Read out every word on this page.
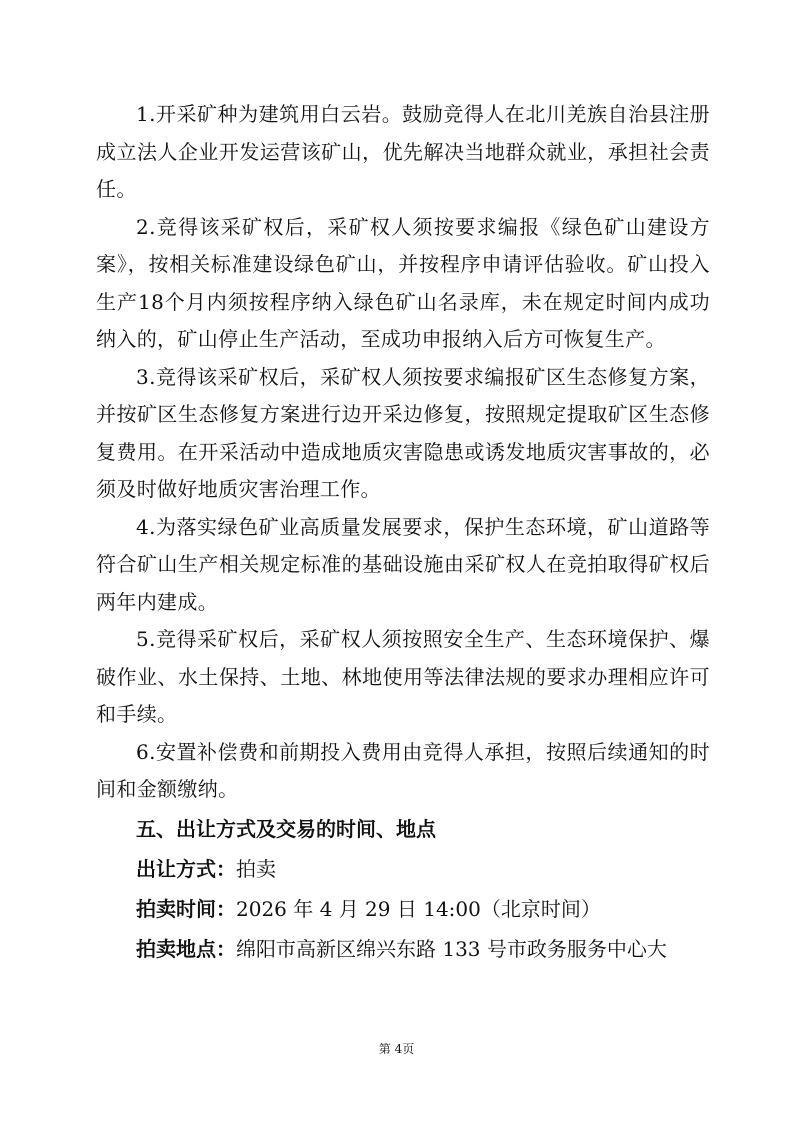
1.开采矿种为建筑用白云岩。鼓励竞得人在北川羌族自治县注册成立法人企业开发运营该矿山，优先解决当地群众就业，承担社会责任。

2.竞得该采矿权后，采矿权人须按要求编报《绿色矿山建设方案》，按相关标准建设绿色矿山，并按程序申请评估验收。矿山投入生产18个月内须按程序纳入绿色矿山名录库，未在规定时间内成功纳入的，矿山停止生产活动，至成功申报纳入后方可恢复生产。

3.竞得该采矿权后，采矿权人须按要求编报矿区生态修复方案，并按矿区生态修复方案进行边开采边修复，按照规定提取矿区生态修复费用。在开采活动中造成地质灾害隐患或诱发地质灾害事故的，必须及时做好地质灾害治理工作。

4.为落实绿色矿业高质量发展要求，保护生态环境，矿山道路等符合矿山生产相关规定标准的基础设施由采矿权人在竞拍取得矿权后两年内建成。

5.竞得采矿权后，采矿权人须按照安全生产、生态环境保护、爆破作业、水土保持、土地、林地使用等法律法规的要求办理相应许可和手续。

6.安置补偿费和前期投入费用由竞得人承担，按照后续通知的时间和金额缴纳。

五、出让方式及交易的时间、地点

出让方式：拍卖

拍卖时间：2026 年 4 月 29 日 14:00（北京时间）

拍卖地点：绵阳市高新区绵兴东路 133 号市政务服务中心大

第 4页
